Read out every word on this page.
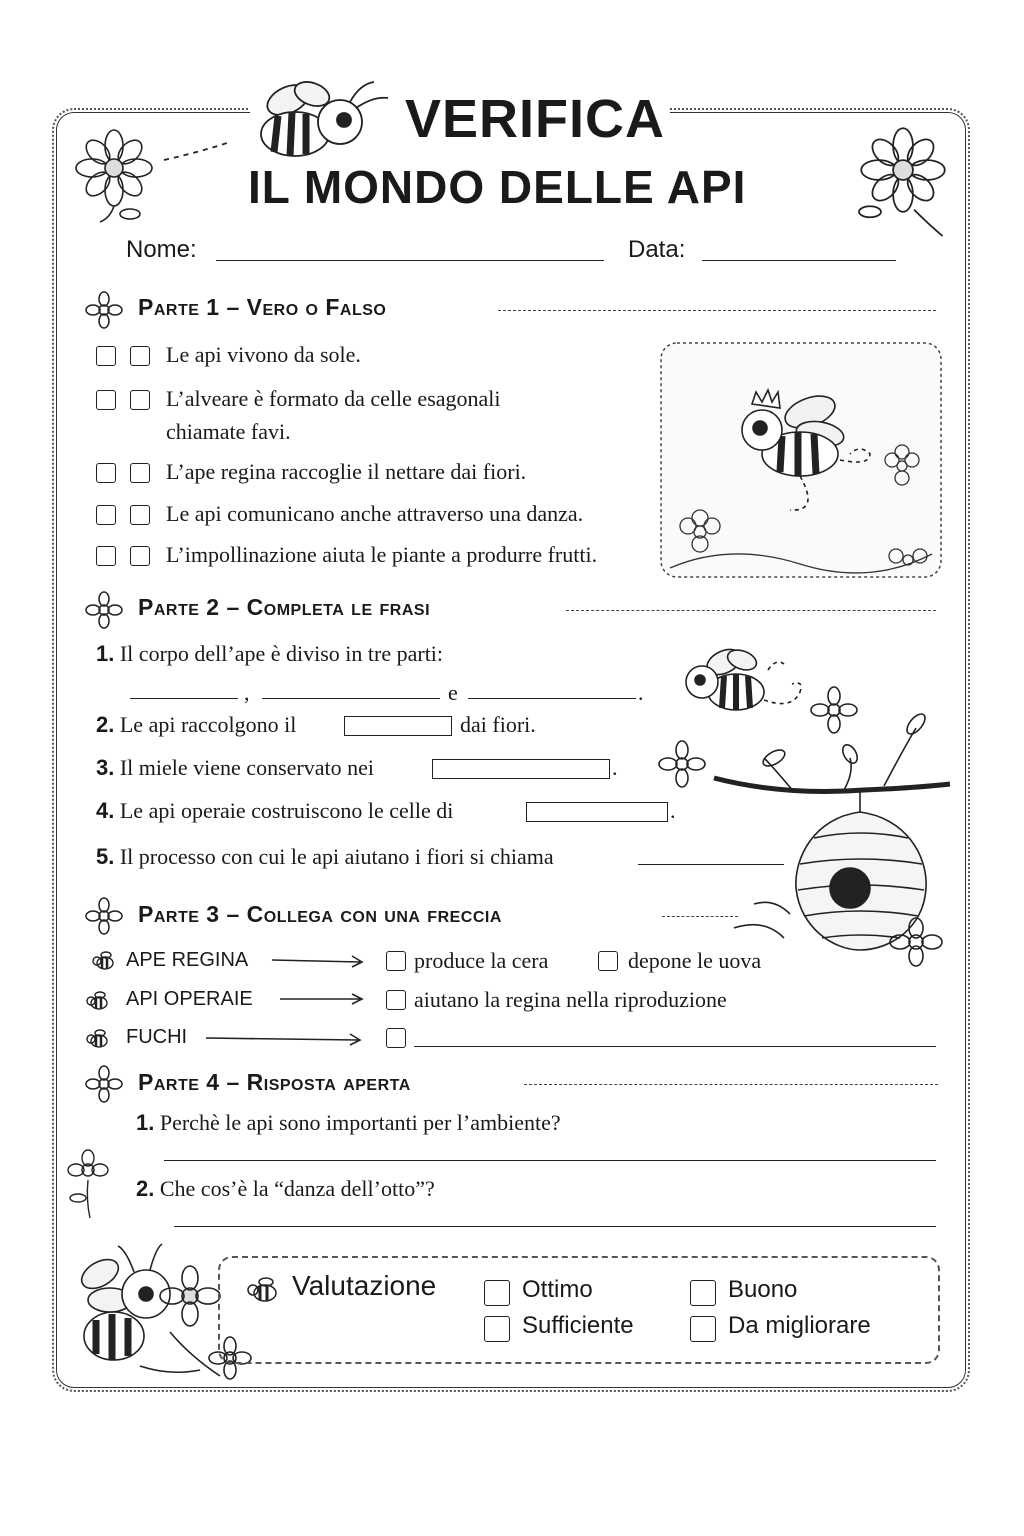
VERIFICA
IL MONDO DELLE API
Nome:	Data:
Parte 1 – Vero o Falso
Le api vivono da sole.
L’alveare è formato da celle esagonali
chiamate favi.
L’ape regina raccoglie il nettare dai fiori.
Le api comunicano anche attraverso una danza.
L’impollinazione aiuta le piante a produrre frutti.
Parte 2 – Completa le frasi
1. Il corpo dell’ape è diviso in tre parti:
,	e	.
2. Le api raccolgono il	dai fiori.
3. Il miele viene conservato nei	.
4. Le api operaie costruiscono le celle di	.
5. Il processo con cui le api aiutano i fiori si chiama
Parte 3 – Collega con una freccia
APE REGINA	produce la cera	depone le uova
API OPERAIE	aiutano la regina nella riproduzione
FUCHI
Parte 4 – Risposta aperta
1. Perchè le api sono importanti per l’ambiente?
2. Che cos’è la “danza dell’otto”?
Valutazione	Ottimo	Buono
Sufficiente	Da migliorare
